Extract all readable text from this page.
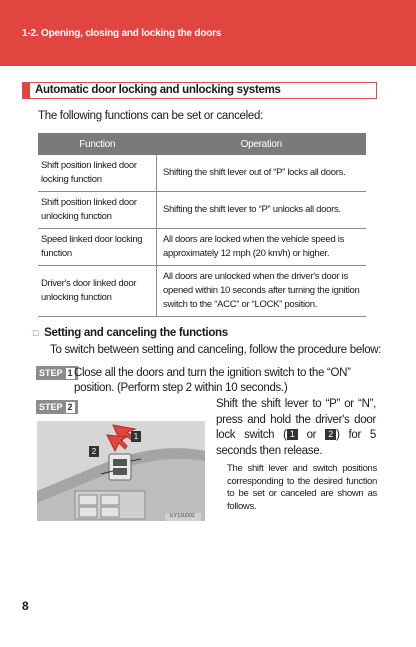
1-2. Opening, closing and locking the doors
Automatic door locking and unlocking systems
The following functions can be set or canceled:
Function	Operation
Shift position linked door locking function	Shifting the shift lever out of “P” locks all doors.
Shift position linked door unlocking function	Shifting the shift lever to “P” unlocks all doors.
Speed linked door locking function	All doors are locked when the vehicle speed is approximately 12 mph (20 km/h) or higher.
Driver's door linked door unlocking function	All doors are unlocked when the driver's door is opened within 10 seconds after turning the ignition switch to the “ACC” or “LOCK” position.
□ Setting and canceling the functions
To switch between setting and canceling, follow the procedure below:
STEP 1 Close all the doors and turn the ignition switch to the “ON” position. (Perform step 2 within 10 seconds.)
STEP 2
1
2
ILY13U002
Shift the shift lever to “P” or “N”, press and hold the driver's door lock switch ( 1 or 2 ) for 5 seconds then release.
The shift lever and switch positions corresponding to the desired function to be set or canceled are shown as follows.
8
